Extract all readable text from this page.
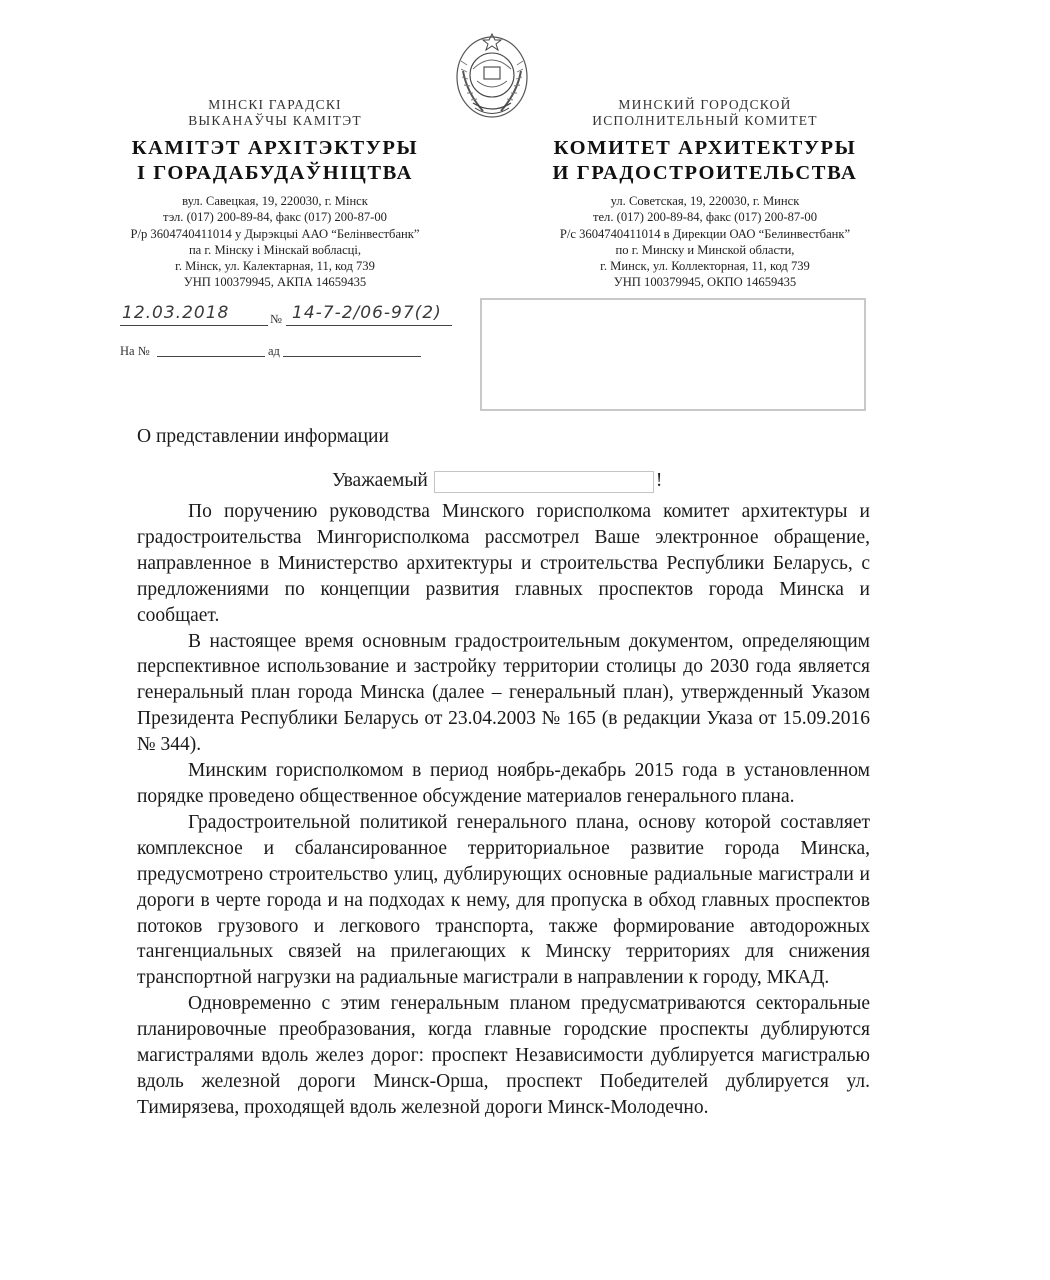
МІНСКІ ГАРАДСКІ
ВЫКАНАЎЧЫ КАМІТЭТ
КАМІТЭТ АРХІТЭКТУРЫ
І ГОРАДАБУДАЎНІЦТВА
вул. Савецкая, 19, 220030, г. Мінск
тэл. (017) 200-89-84, факс (017) 200-87-00
Р/р 3604740411014 у Дырэкцыі ААО “Белінвестбанк”
па г. Мінску і Мінскай вобласці,
г. Мінск, ул. Калектарная, 11, код 739
УНП 100379945, АКПА 14659435
МИНСКИЙ ГОРОДСКОЙ
ИСПОЛНИТЕЛЬНЫЙ КОМИТЕТ
КОМИТЕТ АРХИТЕКТУРЫ
И ГРАДОСТРОИТЕЛЬСТВА
ул. Советская, 19, 220030, г. Минск
тел. (017) 200-89-84, факс (017) 200-87-00
Р/с 3604740411014 в Дирекции ОАО “Белинвестбанк”
по г. Минску и Минской области,
г. Минск, ул. Коллекторная, 11, код 739
УНП 100379945, ОКПО 14659435
12.03.2018	№ 14-7-2/06-97(2)
На №	ад
О представлении информации
Уважаемый	!

По поручению руководства Минского горисполкома комитет архитектуры и градостроительства Мингорисполкома рассмотрел Ваше электронное обращение, направленное в Министерство архитектуры и строительства Республики Беларусь, с предложениями по концепции развития главных проспектов города Минска и сообщает.

В настоящее время основным градостроительным документом, определяющим перспективное использование и застройку территории столицы до 2030 года является генеральный план города Минска (далее – генеральный план), утвержденный Указом Президента Республики Беларусь от 23.04.2003 № 165 (в редакции Указа от 15.09.2016 № 344).

Минским горисполкомом в период ноябрь-декабрь 2015 года в установленном порядке проведено общественное обсуждение материалов генерального плана.

Градостроительной политикой генерального плана, основу которой составляет комплексное и сбалансированное территориальное развитие города Минска, предусмотрено строительство улиц, дублирующих основные радиальные магистрали и дороги в черте города и на подходах к нему, для пропуска в обход главных проспектов потоков грузового и легкового транспорта, также формирование автодорожных тангенциальных связей на прилегающих к Минску территориях для снижения транспортной нагрузки на радиальные магистрали в направлении к городу, МКАД.

Одновременно с этим генеральным планом предусматриваются секторальные планировочные преобразования, когда главные городские проспекты дублируются магистралями вдоль желез дорог: проспект Независимости дублируется магистралью вдоль железной дороги Минск-Орша, проспект Победителей дублируется ул. Тимирязева, проходящей вдоль железной дороги Минск-Молодечно.
